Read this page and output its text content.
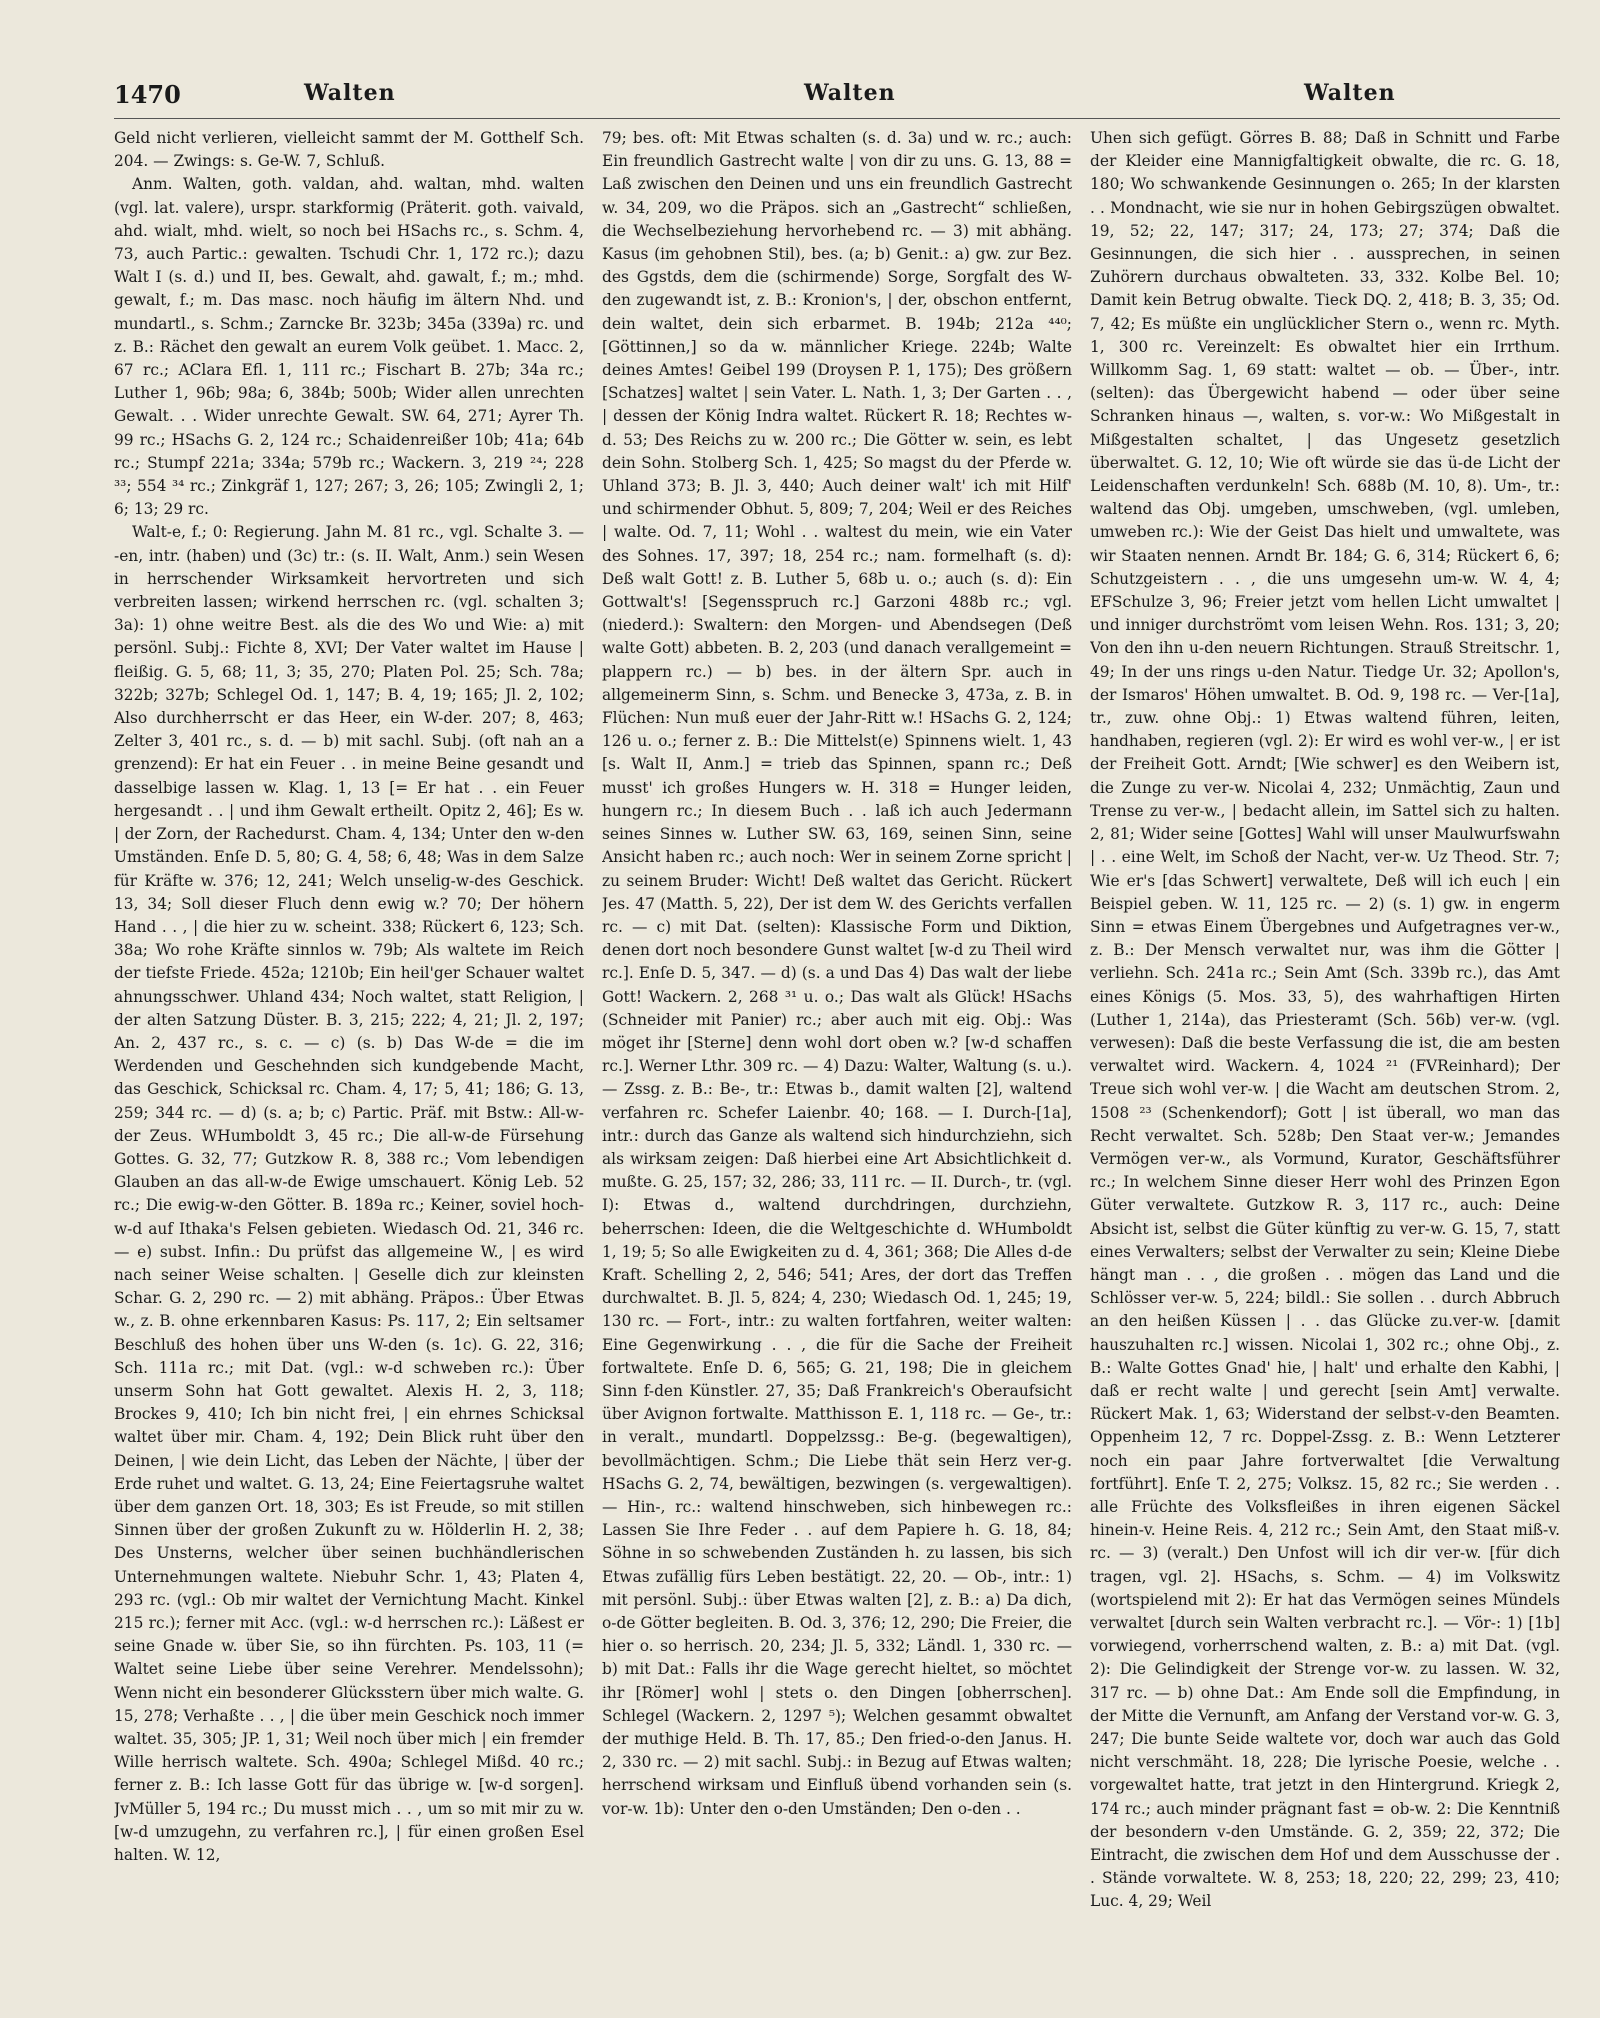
1470	Walten	Walten	Walten

Geld nicht verlieren, vielleicht sammt der M. Gotthelf Sch. 204. — Zwings: s. Ge-W. 7, Schluß.

Anm. Walten, goth. valdan, ahd. waltan, mhd. walten (vgl. lat. valere), urspr. starkformig (Präterit. goth. vaivald, ahd. wialt, mhd. wielt, so noch bei HSachs rc., s. Schm. 4, 73, auch Partic.: gewalten. Tschudi Chr. 1, 172 rc.); dazu Walt I (s. d.) und II, bes. Gewalt, ahd. gawalt, f.; m.; mhd. gewalt, f.; m. Das masc. noch häufig im ältern Nhd. und mundartl., s. Schm.; Zarncke Br. 323b; 345a (339a) rc. und z. B.: Rächet den gewalt an eurem Volk geübet. 1. Macc. 2, 67 rc.; AClara Efl. 1, 111 rc.; Fischart B. 27b; 34a rc.; Luther 1, 96b; 98a; 6, 384b; 500b; Wider allen unrechten Gewalt. . . Wider unrechte Gewalt. SW. 64, 271; Ayrer Th. 99 rc.; HSachs G. 2, 124 rc.; Schaidenreißer 10b; 41a; 64b rc.; Stumpf 221a; 334a; 579b rc.; Wackern. 3, 219 ²⁴; 228 ³³; 554 ³⁴ rc.; Zinkgräf 1, 127; 267; 3, 26; 105; Zwingli 2, 1; 6; 13; 29 rc.

Walt-e, f.; 0: Regierung. Jahn M. 81 rc., vgl. Schalte 3. — -en, intr. (haben) und (3c) tr.: (s. II. Walt, Anm.) sein Wesen in herrschender Wirksamkeit hervortreten und sich verbreiten lassen; wirkend herrschen rc. (vgl. schalten 3; 3a): 1) ohne weitre Best. als die des Wo und Wie: a) mit persönl. Subj.: Fichte 8, XVI; Der Vater waltet im Hause | fleißig. G. 5, 68; 11, 3; 35, 270; Platen Pol. 25; Sch. 78a; 322b; 327b; Schlegel Od. 1, 147; B. 4, 19; 165; Jl. 2, 102; Also durchherrscht er das Heer, ein W-der. 207; 8, 463; Zelter 3, 401 rc., s. d. — b) mit sachl. Subj. (oft nah an a grenzend): Er hat ein Feuer . . in meine Beine gesandt und dasselbige lassen w. Klag. 1, 13 [= Er hat . . ein Feuer hergesandt . . | und ihm Gewalt ertheilt. Opitz 2, 46]; Es w. | der Zorn, der Rachedurst. Cham. 4, 134; Unter den w-den Umständen. Enſe D. 5, 80; G. 4, 58; 6, 48; Was in dem Salze für Kräfte w. 376; 12, 241; Welch unselig-w-des Geschick. 13, 34; Soll dieser Fluch denn ewig w.? 70; Der höhern Hand . . , | die hier zu w. scheint. 338; Rückert 6, 123; Sch. 38a; Wo rohe Kräfte sinnlos w. 79b; Als waltete im Reich der tiefste Friede. 452a; 1210b; Ein heil'ger Schauer waltet ahnungsschwer. Uhland 434; Noch waltet, statt Religion, | der alten Satzung Düster. B. 3, 215; 222; 4, 21; Jl. 2, 197; An. 2, 437 rc., s. c. — c) (s. b) Das W-de = die im Werdenden und Geschehnden sich kundgebende Macht, das Geschick, Schicksal rc. Cham. 4, 17; 5, 41; 186; G. 13, 259; 344 rc. — d) (s. a; b; c) Partic. Präf. mit Bstw.: All-w-der Zeus. WHumboldt 3, 45 rc.; Die all-w-de Fürsehung Gottes. G. 32, 77; Gutzkow R. 8, 388 rc.; Vom lebendigen Glauben an das all-w-de Ewige umschauert. König Leb. 52 rc.; Die ewig-w-den Götter. B. 189a rc.; Keiner, soviel hoch-w-d auf Ithaka's Felsen gebieten. Wiedasch Od. 21, 346 rc. — e) subst. Infin.: Du prüfst das allgemeine W., | es wird nach seiner Weise schalten. | Geselle dich zur kleinsten Schar. G. 2, 290 rc. — 2) mit abhäng. Präpos.: Über Etwas w., z. B. ohne erkennbaren Kasus: Ps. 117, 2; Ein seltsamer Beschluß des hohen über uns W-den (s. 1c). G. 22, 316; Sch. 111a rc.; mit Dat. (vgl.: w-d schweben rc.): Über unserm Sohn hat Gott gewaltet. Alexis H. 2, 3, 118; Brockes 9, 410; Ich bin nicht frei, | ein ehrnes Schicksal waltet über mir. Cham. 4, 192; Dein Blick ruht über den Deinen, | wie dein Licht, das Leben der Nächte, | über der Erde ruhet und waltet. G. 13, 24; Eine Feiertagsruhe waltet über dem ganzen Ort. 18, 303; Es ist Freude, so mit stillen Sinnen über der großen Zukunft zu w. Hölderlin H. 2, 38; Des Unsterns, welcher über seinen buchhändlerischen Unternehmungen waltete. Niebuhr Schr. 1, 43; Platen 4, 293 rc. (vgl.: Ob mir waltet der Vernichtung Macht. Kinkel 215 rc.); ferner mit Acc. (vgl.: w-d herrschen rc.): Läßest er seine Gnade w. über Sie, so ihn fürchten. Ps. 103, 11 (= Waltet seine Liebe über seine Verehrer. Mendelssohn); Wenn nicht ein besonderer Glücksstern über mich walte. G. 15, 278; Verhaßte . . , | die über mein Geschick noch immer waltet. 35, 305; JP. 1, 31; Weil noch über mich | ein fremder Wille herrisch waltete. Sch. 490a; Schlegel Mißd. 40 rc.; ferner z. B.: Ich lasse Gott für das übrige w. [w-d sorgen]. JvMüller 5, 194 rc.; Du musst mich . . , um so mit mir zu w. [w-d umzugehn, zu verfahren rc.], | für einen großen Esel halten. W. 12,

79; bes. oft: Mit Etwas schalten (s. d. 3a) und w. rc.; auch: Ein freundlich Gastrecht walte | von dir zu uns. G. 13, 88 = Laß zwischen den Deinen und uns ein freundlich Gastrecht w. 34, 209, wo die Präpos. sich an „Gastrecht“ schließen, die Wechselbeziehung hervorhebend rc. — 3) mit abhäng. Kasus (im gehobnen Stil), bes. (a; b) Genit.: a) gw. zur Bez. des Ggstds, dem die (schirmende) Sorge, Sorgfalt des W-den zugewandt ist, z. B.: Kronion's, | der, obschon entfernt, dein waltet, dein sich erbarmet. B. 194b; 212a ⁴⁴⁰; [Göttinnen,] so da w. männlicher Kriege. 224b; Walte deines Amtes! Geibel 199 (Droysen P. 1, 175); Des größern [Schatzes] waltet | sein Vater. L. Nath. 1, 3; Der Garten . . , | dessen der König Indra waltet. Rückert R. 18; Rechtes w-d. 53; Des Reichs zu w. 200 rc.; Die Götter w. sein, es lebt dein Sohn. Stolberg Sch. 1, 425; So magst du der Pferde w. Uhland 373; B. Jl. 3, 440; Auch deiner walt' ich mit Hilf' und schirmender Obhut. 5, 809; 7, 204; Weil er des Reiches | walte. Od. 7, 11; Wohl . . waltest du mein, wie ein Vater des Sohnes. 17, 397; 18, 254 rc.; nam. formelhaft (s. d): Deß walt Gott! z. B. Luther 5, 68b u. o.; auch (s. d): Ein Gottwalt's! [Segensspruch rc.] Garzoni 488b rc.; vgl. (niederd.): Swaltern: den Morgen- und Abendsegen (Deß walte Gott) abbeten. B. 2, 203 (und danach verallgemeint = plappern rc.) — b) bes. in der ältern Spr. auch in allgemeinerm Sinn, s. Schm. und Benecke 3, 473a, z. B. in Flüchen: Nun muß euer der Jahr-Ritt w.! HSachs G. 2, 124; 126 u. o.; ferner z. B.: Die Mittelst(e) Spinnens wielt. 1, 43 [s. Walt II, Anm.] = trieb das Spinnen, spann rc.; Deß musst' ich großes Hungers w. H. 318 = Hunger leiden, hungern rc.; In diesem Buch . . laß ich auch Jedermann seines Sinnes w. Luther SW. 63, 169, seinen Sinn, seine Ansicht haben rc.; auch noch: Wer in seinem Zorne spricht | zu seinem Bruder: Wicht! Deß waltet das Gericht. Rückert Jes. 47 (Matth. 5, 22), Der ist dem W. des Gerichts verfallen rc. — c) mit Dat. (selten): Klassische Form und Diktion, denen dort noch besondere Gunst waltet [w-d zu Theil wird rc.]. Enſe D. 5, 347. — d) (s. a und Das 4) Das walt der liebe Gott! Wackern. 2, 268 ³¹ u. o.; Das walt als Glück! HSachs (Schneider mit Panier) rc.; aber auch mit eig. Obj.: Was möget ihr [Sterne] denn wohl dort oben w.? [w-d schaffen rc.]. Werner Lthr. 309 rc. — 4) Dazu: Walter, Waltung (s. u.). — Zssg. z. B.: Be-, tr.: Etwas b., damit walten [2], waltend verfahren rc. Schefer Laienbr. 40; 168. — I. Durch-[1a], intr.: durch das Ganze als waltend sich hindurchziehn, sich als wirksam zeigen: Daß hierbei eine Art Absichtlichkeit d. mußte. G. 25, 157; 32, 286; 33, 111 rc. — II. Durch-, tr. (vgl. I): Etwas d., waltend durchdringen, durchziehn, beherrschen: Ideen, die die Weltgeschichte d. WHumboldt 1, 19; 5; So alle Ewigkeiten zu d. 4, 361; 368; Die Alles d-de Kraft. Schelling 2, 2, 546; 541; Ares, der dort das Treffen durchwaltet. B. Jl. 5, 824; 4, 230; Wiedasch Od. 1, 245; 19, 130 rc. — Fort-, intr.: zu walten fortfahren, weiter walten: Eine Gegenwirkung . . , die für die Sache der Freiheit fortwaltete. Enſe D. 6, 565; G. 21, 198; Die in gleichem Sinn f-den Künstler. 27, 35; Daß Frankreich's Oberaufsicht über Avignon fortwalte. Matthisson E. 1, 118 rc. — Ge-, tr.: in veralt., mundartl. Doppelzssg.: Be-g. (begewaltigen), bevollmächtigen. Schm.; Die Liebe thät sein Herz ver-g. HSachs G. 2, 74, bewältigen, bezwingen (s. vergewaltigen). — Hin-, rc.: waltend hinschweben, sich hinbewegen rc.: Lassen Sie Ihre Feder . . auf dem Papiere h. G. 18, 84; Söhne in so schwebenden Zuständen h. zu lassen, bis sich Etwas zufällig fürs Leben bestätigt. 22, 20. — Ob-, intr.: 1) mit persönl. Subj.: über Etwas walten [2], z. B.: a) Da dich, o-de Götter begleiten. B. Od. 3, 376; 12, 290; Die Freier, die hier o. so herrisch. 20, 234; Jl. 5, 332; Ländl. 1, 330 rc. — b) mit Dat.: Falls ihr die Wage gerecht hieltet, so möchtet ihr [Römer] wohl | stets o. den Dingen [obherrschen]. Schlegel (Wackern. 2, 1297 ⁵); Welchen gesammt obwaltet der muthige Held. B. Th. 17, 85.; Den fried-o-den Janus. H. 2, 330 rc. — 2) mit sachl. Subj.: in Bezug auf Etwas walten; herrschend wirksam und Einfluß übend vorhanden sein (s. vor-w. 1b): Unter den o-den Umständen; Den o-den . .

Uhen sich gefügt. Görres B. 88; Daß in Schnitt und Farbe der Kleider eine Mannigfaltigkeit obwalte, die rc. G. 18, 180; Wo schwankende Gesinnungen o. 265; In der klarsten . . Mondnacht, wie sie nur in hohen Gebirgszügen obwaltet. 19, 52; 22, 147; 317; 24, 173; 27; 374; Daß die Gesinnungen, die sich hier . . aussprechen, in seinen Zuhörern durchaus obwalteten. 33, 332. Kolbe Bel. 10; Damit kein Betrug obwalte. Tieck DQ. 2, 418; B. 3, 35; Od. 7, 42; Es müßte ein unglücklicher Stern o., wenn rc. Myth. 1, 300 rc. Vereinzelt: Es obwaltet hier ein Irrthum. Willkomm Sag. 1, 69 statt: waltet — ob. — Über-, intr. (selten): das Übergewicht habend — oder über seine Schranken hinaus —, walten, s. vor-w.: Wo Mißgestalt in Mißgestalten schaltet, | das Ungesetz gesetzlich überwaltet. G. 12, 10; Wie oft würde sie das ü-de Licht der Leidenschaften verdunkeln! Sch. 688b (M. 10, 8). Um-, tr.: waltend das Obj. umgeben, umschweben, (vgl. umleben, umweben rc.): Wie der Geist Das hielt und umwaltete, was wir Staaten nennen. Arndt Br. 184; G. 6, 314; Rückert 6, 6; Schutzgeistern . . , die uns umgesehn um-w. W. 4, 4; EFSchulze 3, 96; Freier jetzt vom hellen Licht umwaltet | und inniger durchströmt vom leisen Wehn. Ros. 131; 3, 20; Von den ihn u-den neuern Richtungen. Strauß Streitschr. 1, 49; In der uns rings u-den Natur. Tiedge Ur. 32; Apollon's, der Ismaros' Höhen umwaltet. B. Od. 9, 198 rc. — Ver-[1a], tr., zuw. ohne Obj.: 1) Etwas waltend führen, leiten, handhaben, regieren (vgl. 2): Er wird es wohl ver-w., | er ist der Freiheit Gott. Arndt; [Wie schwer] es den Weibern ist, die Zunge zu ver-w. Nicolai 4, 232; Unmächtig, Zaun und Trense zu ver-w., | bedacht allein, im Sattel sich zu halten. 2, 81; Wider seine [Gottes] Wahl will unser Maulwurfswahn | . . eine Welt, im Schoß der Nacht, ver-w. Uz Theod. Str. 7; Wie er's [das Schwert] verwaltete, Deß will ich euch | ein Beispiel geben. W. 11, 125 rc. — 2) (s. 1) gw. in engerm Sinn = etwas Einem Übergebnes und Aufgetragnes ver-w., z. B.: Der Mensch verwaltet nur, was ihm die Götter | verliehn. Sch. 241a rc.; Sein Amt (Sch. 339b rc.), das Amt eines Königs (5. Mos. 33, 5), des wahrhaftigen Hirten (Luther 1, 214a), das Priesteramt (Sch. 56b) ver-w. (vgl. verwesen): Daß die beste Verfassung die ist, die am besten verwaltet wird. Wackern. 4, 1024 ²¹ (FVReinhard); Der Treue sich wohl ver-w. | die Wacht am deutschen Strom. 2, 1508 ²³ (Schenkendorf); Gott | ist überall, wo man das Recht verwaltet. Sch. 528b; Den Staat ver-w.; Jemandes Vermögen ver-w., als Vormund, Kurator, Geschäftsführer rc.; In welchem Sinne dieser Herr wohl des Prinzen Egon Güter verwaltete. Gutzkow R. 3, 117 rc., auch: Deine Absicht ist, selbst die Güter künftig zu ver-w. G. 15, 7, statt eines Verwalters; selbst der Verwalter zu sein; Kleine Diebe hängt man . . , die großen . . mögen das Land und die Schlösser ver-w. 5, 224; bildl.: Sie sollen . . durch Abbruch an den heißen Küssen | . . das Glücke zu.ver-w. [damit hauszuhalten rc.] wissen. Nicolai 1, 302 rc.; ohne Obj., z. B.: Walte Gottes Gnad' hie, | halt' und erhalte den Kabhi, | daß er recht walte | und gerecht [sein Amt] verwalte. Rückert Mak. 1, 63; Widerstand der selbst-v-den Beamten. Oppenheim 12, 7 rc. Doppel-Zssg. z. B.: Wenn Letzterer noch ein paar Jahre fortverwaltet [die Verwaltung fortführt]. Enſe T. 2, 275; Volksz. 15, 82 rc.; Sie werden . . alle Früchte des Volksfleißes in ihren eigenen Säckel hinein-v. Heine Reis. 4, 212 rc.; Sein Amt, den Staat miß-v. rc. — 3) (veralt.) Den Unfost will ich dir ver-w. [für dich tragen, vgl. 2]. HSachs, s. Schm. — 4) im Volkswitz (wortspielend mit 2): Er hat das Vermögen seines Mündels verwaltet [durch sein Walten verbracht rc.]. — Vör-: 1) [1b] vorwiegend, vorherrschend walten, z. B.: a) mit Dat. (vgl. 2): Die Gelindigkeit der Strenge vor-w. zu lassen. W. 32, 317 rc. — b) ohne Dat.: Am Ende soll die Empfindung, in der Mitte die Vernunft, am Anfang der Verstand vor-w. G. 3, 247; Die bunte Seide waltete vor, doch war auch das Gold nicht verschmäht. 18, 228; Die lyrische Poesie, welche . . vorgewaltet hatte, trat jetzt in den Hintergrund. Kriegk 2, 174 rc.; auch minder prägnant fast = ob-w. 2: Die Kenntniß der besondern v-den Umstände. G. 2, 359; 22, 372; Die Eintracht, die zwischen dem Hof und dem Ausschusse der . . Stände vorwaltete. W. 8, 253; 18, 220; 22, 299; 23, 410; Luc. 4, 29; Weil
